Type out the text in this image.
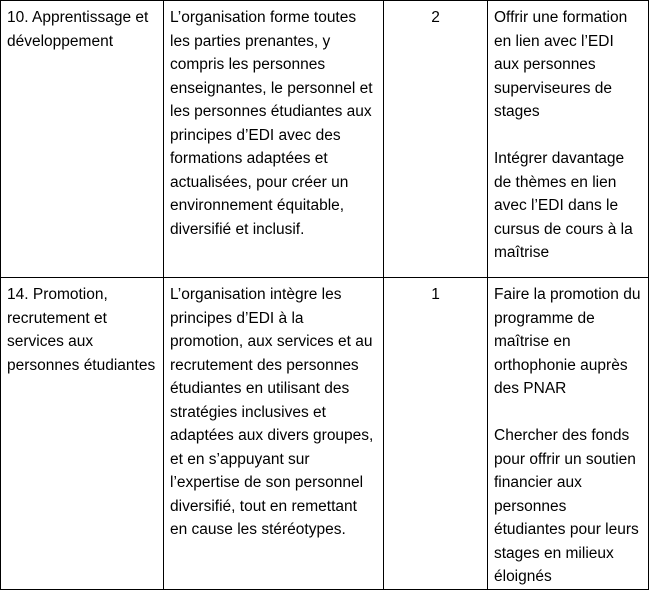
10. Apprentissage et développement	L’organisation forme toutes les parties prenantes, y compris les personnes enseignantes, le personnel et les personnes étudiantes aux principes d’EDI avec des formations adaptées et actualisées, pour créer un environnement équitable, diversifié et inclusif.	2	Offrir une formation en lien avec l’EDI aux personnes superviseures de stages
Intégrer davantage de thèmes en lien avec l’EDI dans le cursus de cours à la maîtrise

14. Promotion, recrutement et services aux personnes étudiantes	L’organisation intègre les principes d’EDI à la promotion, aux services et au recrutement des personnes étudiantes en utilisant des stratégies inclusives et adaptées aux divers groupes, et en s’appuyant sur l’expertise de son personnel diversifié, tout en remettant en cause les stéréotypes.	1	Faire la promotion du programme de maîtrise en orthophonie auprès des PNAR
Chercher des fonds pour offrir un soutien financier aux personnes étudiantes pour leurs stages en milieux éloignés
